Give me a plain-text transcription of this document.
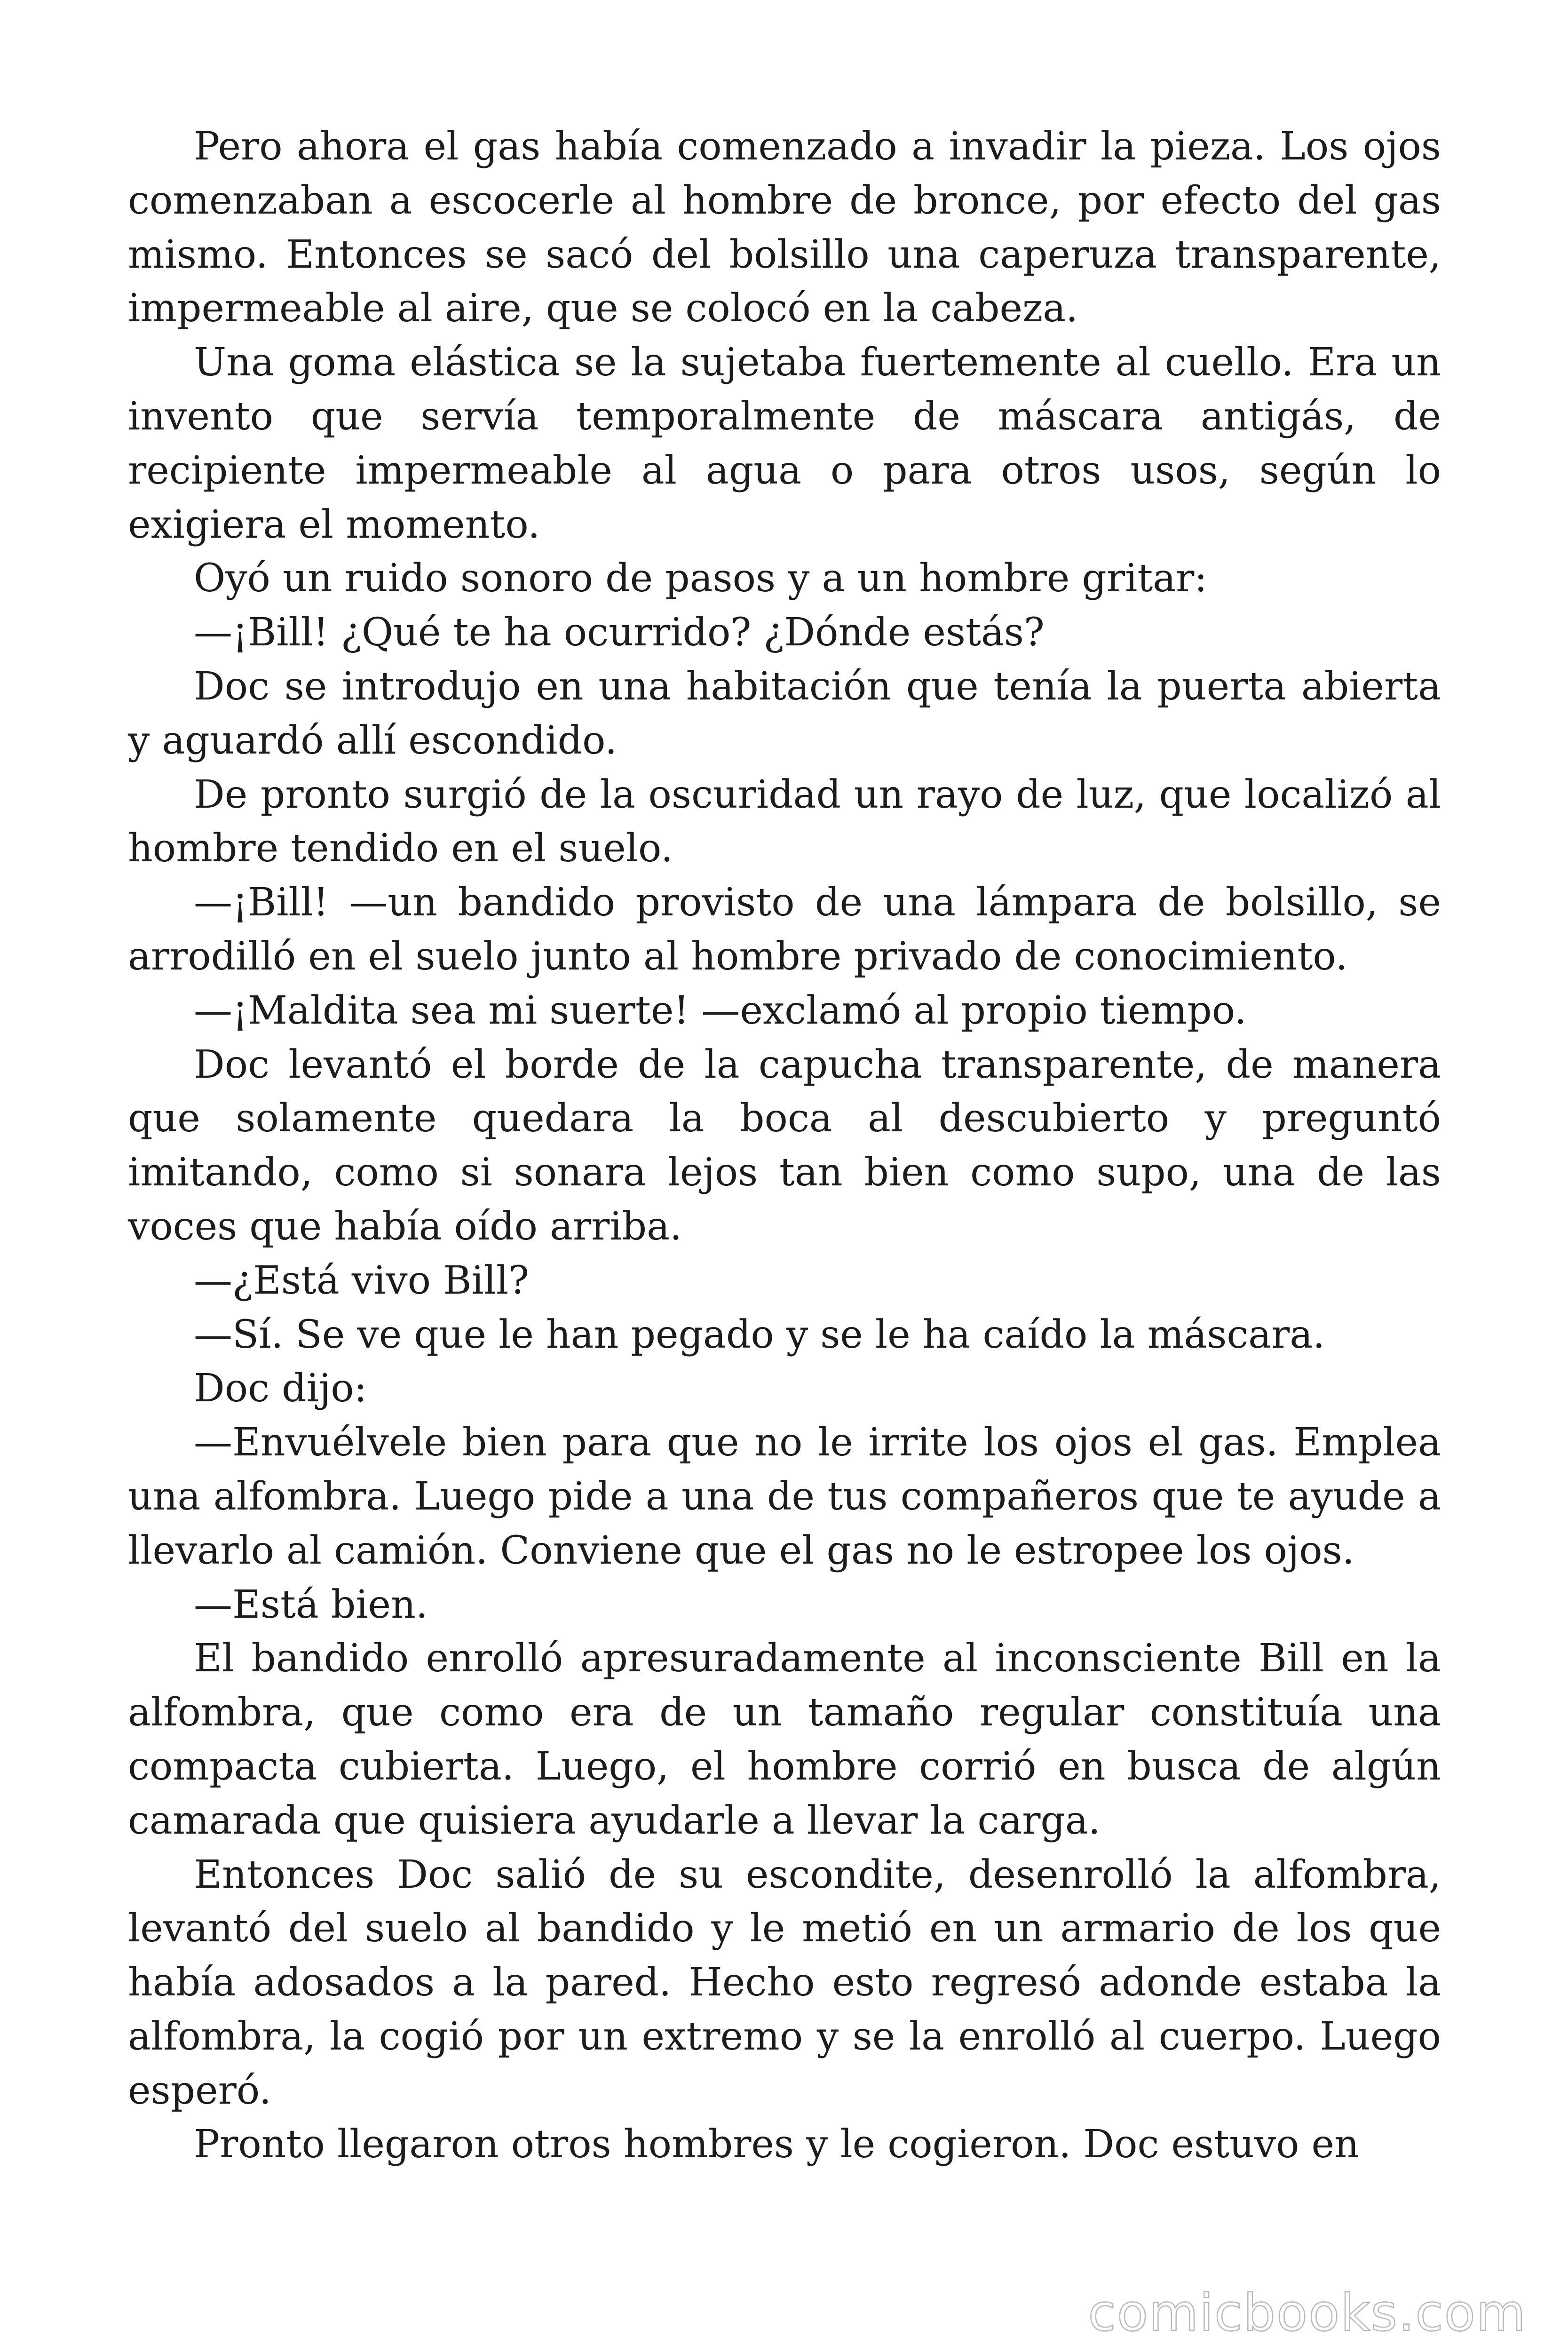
Pero ahora el gas había comenzado a invadir la pieza. Los ojos comenzaban a escocerle al hombre de bronce, por efecto del gas mismo. Entonces se sacó del bolsillo una caperuza transparente, impermeable al aire, que se colocó en la cabeza.

Una goma elástica se la sujetaba fuertemente al cuello. Era un invento que servía temporalmente de máscara antigás, de recipiente impermeable al agua o para otros usos, según lo exigiera el momento.

Oyó un ruido sonoro de pasos y a un hombre gritar:

—¡Bill! ¿Qué te ha ocurrido? ¿Dónde estás?

Doc se introdujo en una habitación que tenía la puerta abierta y aguardó allí escondido.

De pronto surgió de la oscuridad un rayo de luz, que localizó al hombre tendido en el suelo.

—¡Bill! —un bandido provisto de una lámpara de bolsillo, se arrodilló en el suelo junto al hombre privado de conocimiento.

—¡Maldita sea mi suerte! —exclamó al propio tiempo.

Doc levantó el borde de la capucha transparente, de manera que solamente quedara la boca al descubierto y preguntó imitando, como si sonara lejos tan bien como supo, una de las voces que había oído arriba.

—¿Está vivo Bill?

—Sí. Se ve que le han pegado y se le ha caído la máscara.

Doc dijo:

—Envuélvele bien para que no le irrite los ojos el gas. Emplea una alfombra. Luego pide a una de tus compañeros que te ayude a llevarlo al camión. Conviene que el gas no le estropee los ojos.

—Está bien.

El bandido enrolló apresuradamente al inconsciente Bill en la alfombra, que como era de un tamaño regular constituía una compacta cubierta. Luego, el hombre corrió en busca de algún camarada que quisiera ayudarle a llevar la carga.

Entonces Doc salió de su escondite, desenrolló la alfombra, levantó del suelo al bandido y le metió en un armario de los que había adosados a la pared. Hecho esto regresó adonde estaba la alfombra, la cogió por un extremo y se la enrolló al cuerpo. Luego esperó.

Pronto llegaron otros hombres y le cogieron. Doc estuvo en

comicbooks.com
